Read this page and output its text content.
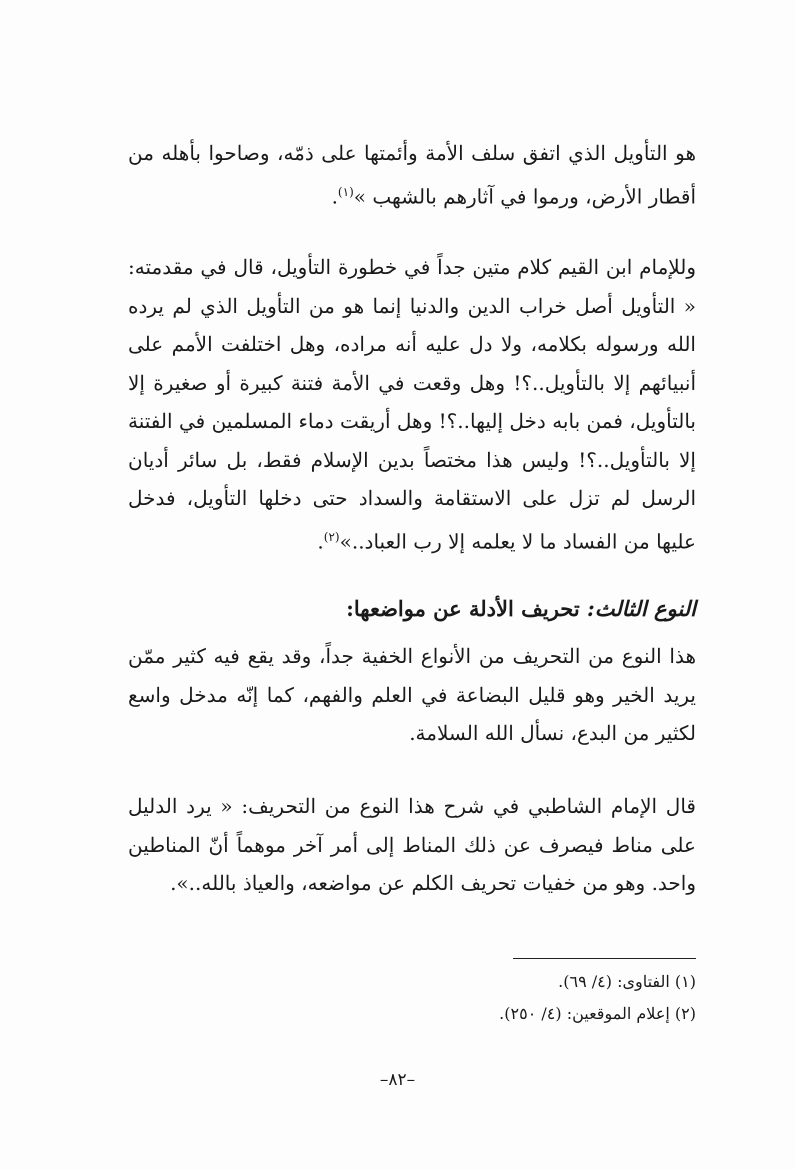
هو التأويل الذي اتفق سلف الأمة وأئمتها على ذمّه، وصاحوا بأهله من أقطار الأرض، ورموا في آثارهم بالشهب »$^{(١)}$.

وللإمام ابن القيم كلام متين جداً في خطورة التأويل، قال في مقدمته: « التأويل أصل خراب الدين والدنيا إنما هو من التأويل الذي لم يرده الله ورسوله بكلامه، ولا دل عليه أنه مراده، وهل اختلفت الأمم على أنبيائهم إلا بالتأويل..؟! وهل وقعت في الأمة فتنة كبيرة أو صغيرة إلا بالتأويل، فمن بابه دخل إليها..؟! وهل أريقت دماء المسلمين في الفتنة إلا بالتأويل..؟! وليس هذا مختصاً بدين الإسلام فقط، بل سائر أديان الرسل لم تزل على الاستقامة والسداد حتى دخلها التأويل، فدخل عليها من الفساد ما لا يعلمه إلا رب العباد..»$^{(٢)}$.

النوع الثالث: تحريف الأدلة عن مواضعها:

هذا النوع من التحريف من الأنواع الخفية جداً، وقد يقع فيه كثير ممّن يريد الخير وهو قليل البضاعة في العلم والفهم، كما إنّه مدخل واسع لكثير من البدع، نسأل الله السلامة.

قال الإمام الشاطبي في شرح هذا النوع من التحريف: « يرد الدليل على مناط فيصرف عن ذلك المناط إلى أمر آخر موهماً أنّ المناطين واحد. وهو من خفيات تحريف الكلم عن مواضعه، والعياذ بالله..».

(١) الفتاوى: (٤/ ٦٩).
(٢) إعلام الموقعين: (٤/ ٢٥٠).
–٨٢–
